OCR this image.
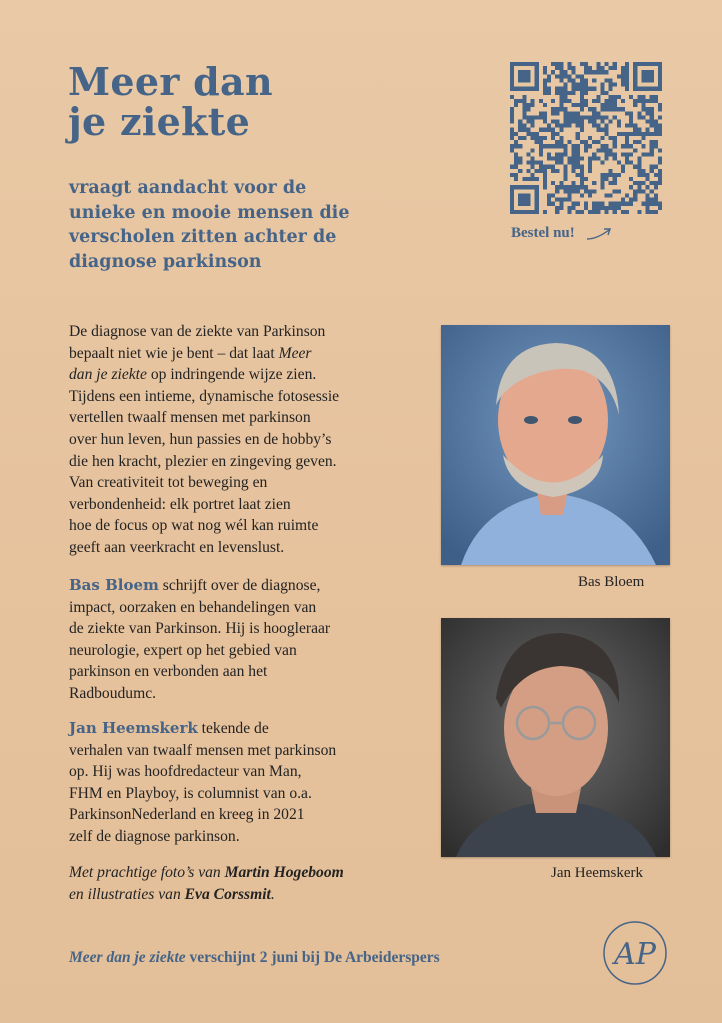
Meer dan
je ziekte

vraagt aandacht voor de
unieke en mooie mensen die
verscholen zitten achter de
diagnose parkinson

Bestel nu!
De diagnose van de ziekte van Parkinson
bepaalt niet wie je bent – dat laat Meer
dan je ziekte op indringende wijze zien.
Tijdens een intieme, dynamische fotosessie
vertellen twaalf mensen met parkinson
over hun leven, hun passies en de hobby’s
die hen kracht, plezier en zingeving geven.
Van creativiteit tot beweging en
verbondenheid: elk portret laat zien
hoe de focus op wat nog wél kan ruimte
geeft aan veerkracht en levenslust.
Bas Bloem schrijft over de diagnose,
impact, oorzaken en behandelingen van
de ziekte van Parkinson. Hij is hoogleraar
neurologie, expert op het gebied van
parkinson en verbonden aan het
Radboudumc.
Jan Heemskerk tekende de
verhalen van twaalf mensen met parkinson
op. Hij was hoofdredacteur van Man,
FHM en Playboy, is columnist van o.a.
ParkinsonNederland en kreeg in 2021
zelf de diagnose parkinson.
Met prachtige foto’s van Martin Hogeboom
en illustraties van Eva Corssmit.
Bas Bloem
Jan Heemskerk
Meer dan je ziekte verschijnt 2 juni bij De Arbeiderspers	AP
